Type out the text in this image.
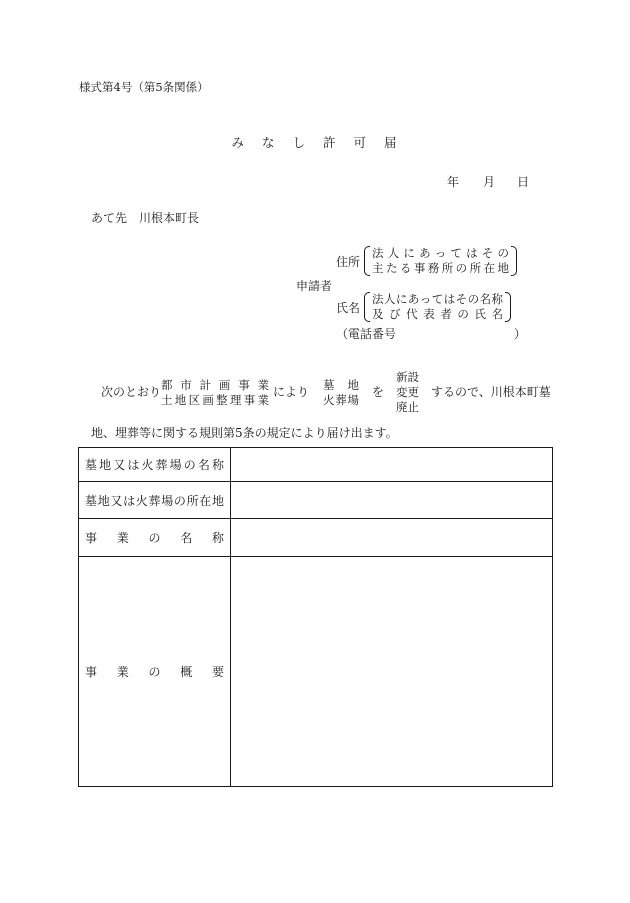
様式第4号（第5条関係）
みなし許可届
年 月 日
あて先　川根本町長
住所
法人にあってはその
主たる事務所の所在地
申請者
氏名
法人にあってはその名称
及び代表者の氏名
（電話番号	）
次のとおり 都市計画事業
土地区画整理事業
により 墓地
火葬場
を
新設
変更
廃止
するので、川根本町墓
地、埋葬等に関する規則第5条の規定により届け出ます。
墓地又は火葬場の名称	

墓地又は火葬場の所在地	

事業の名称	

事業の概要	
